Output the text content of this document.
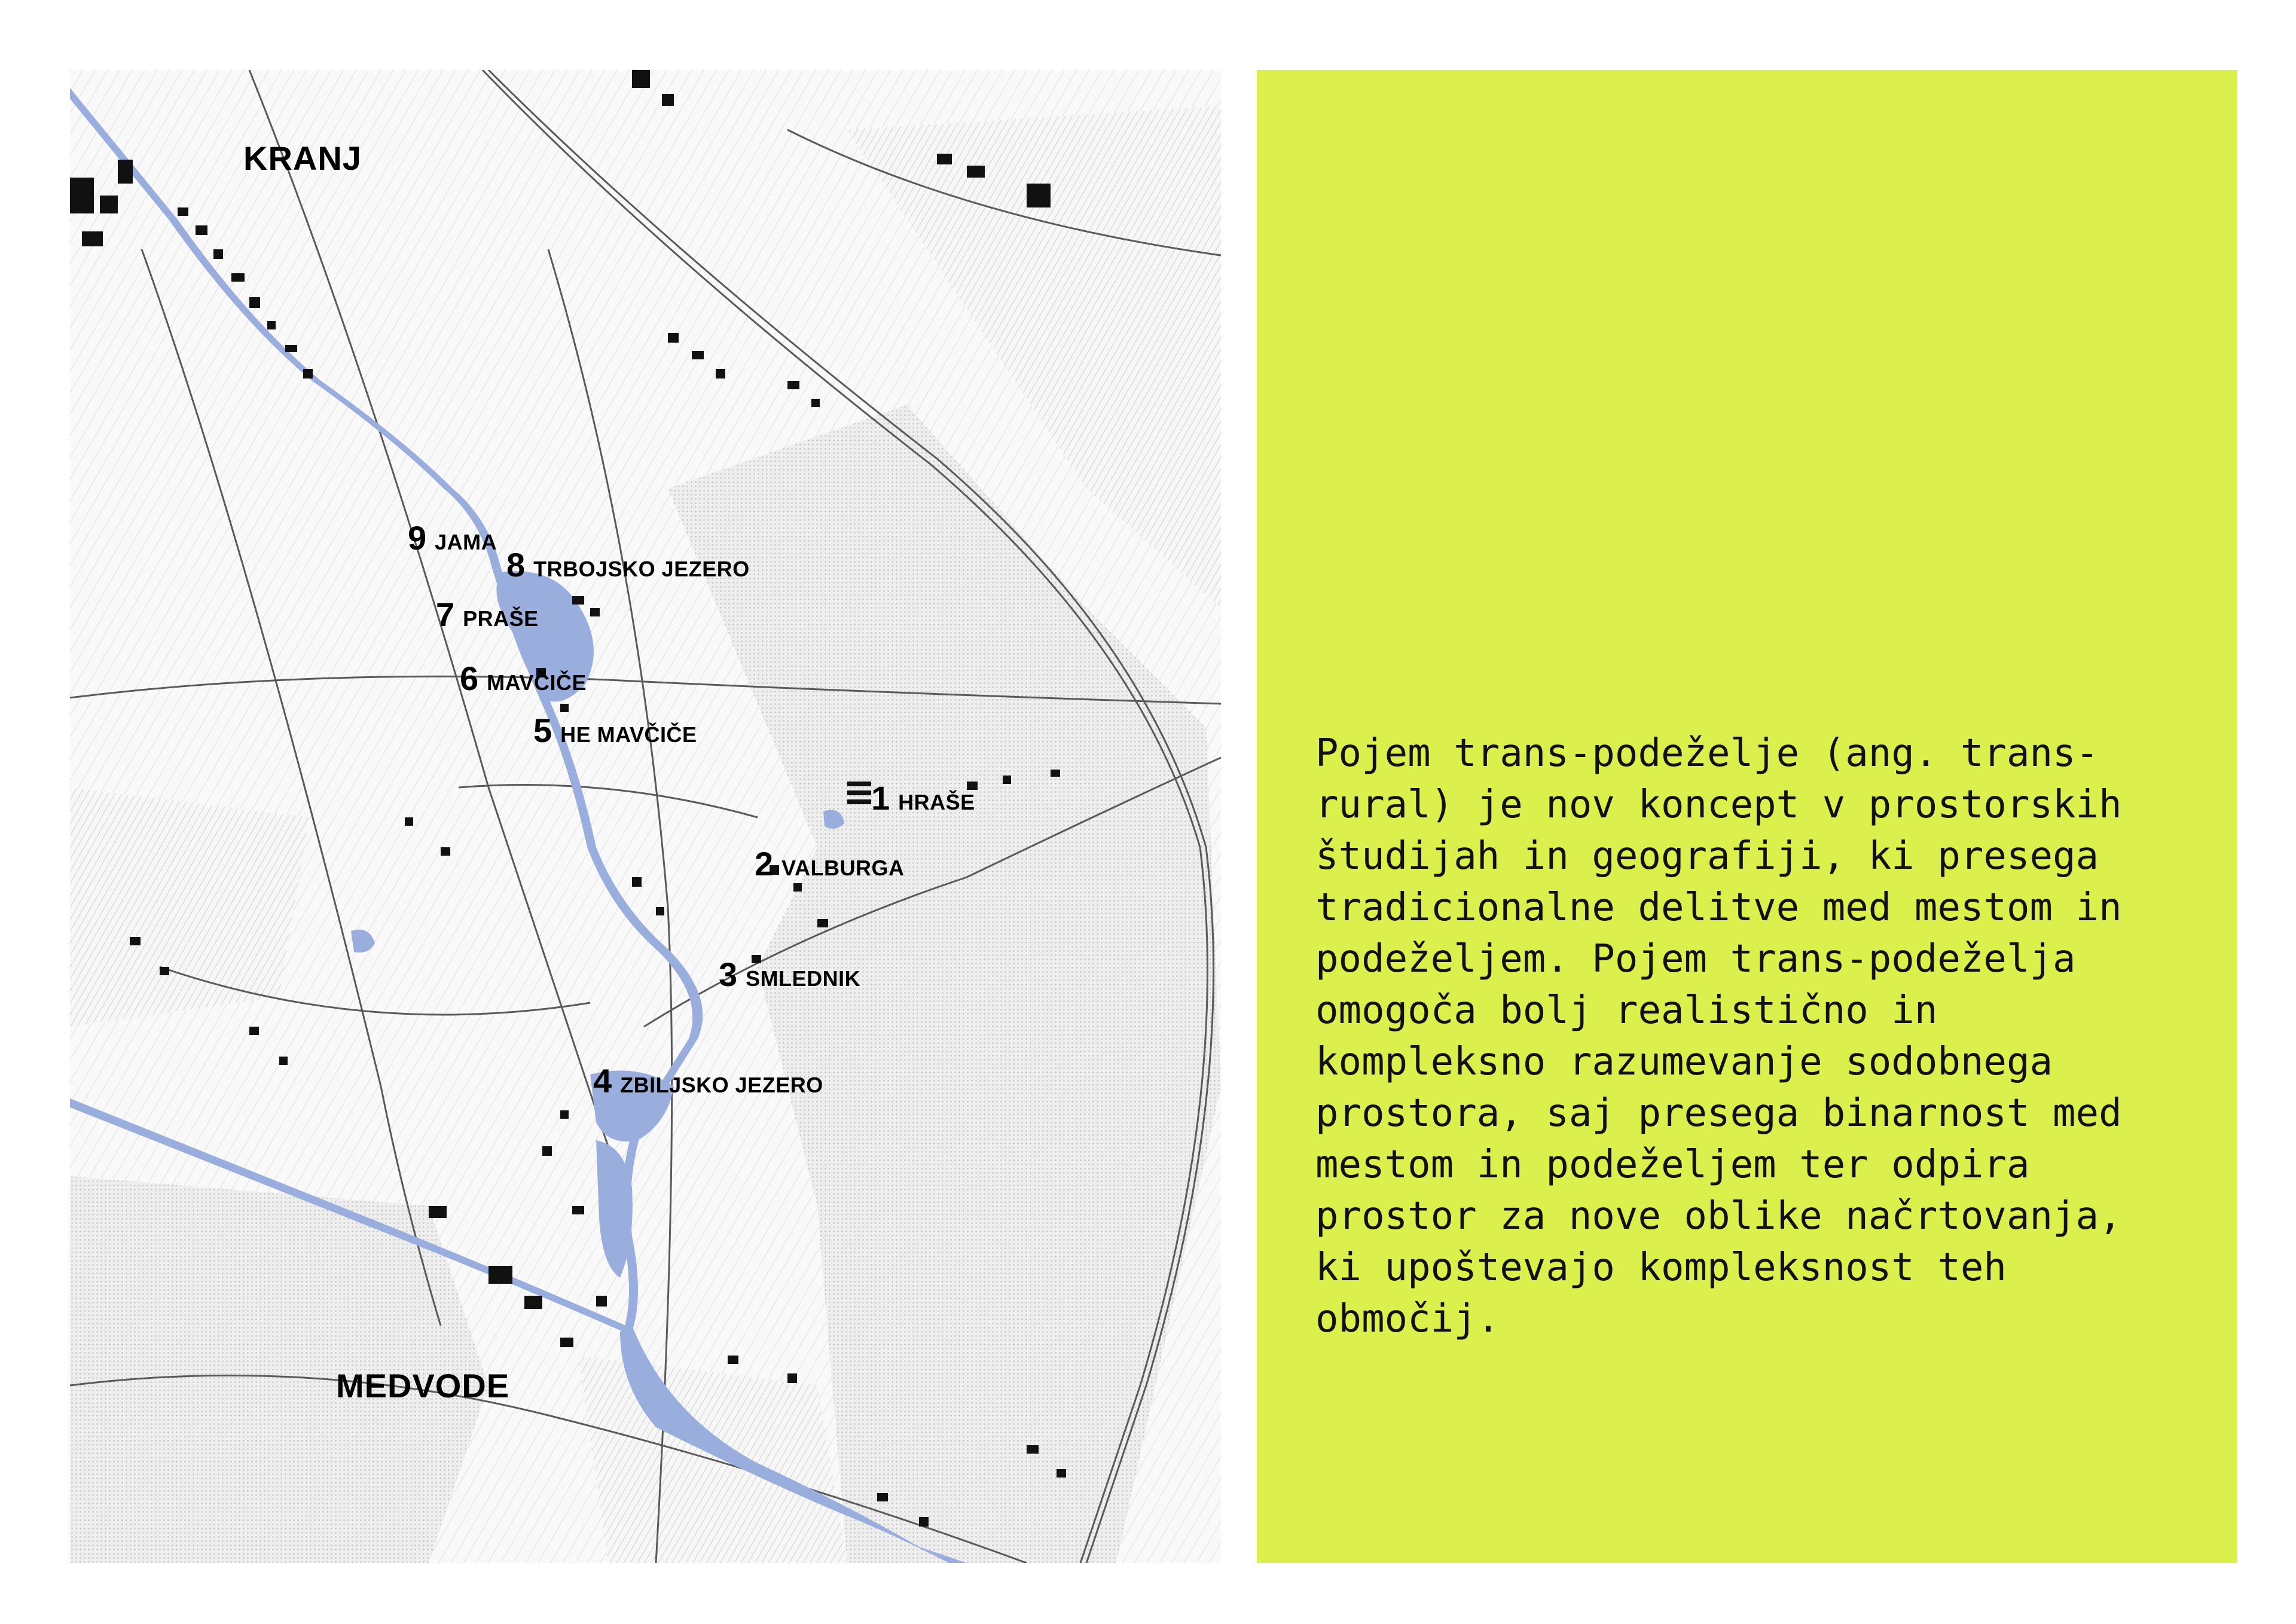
KRANJ
MEDVODE
1 HRAŠE
2 VALBURGA
3 SMLEDNIK
4 ZBILJSKO JEZERO
5 HE MAVČIČE
6 MAVČIČE
7 PRAŠE
8 TRBOJSKO JEZERO
9 JAMA
Pojem trans-podeželje (ang. trans-rural) je nov koncept v prostorskih študijah in geografiji, ki presega tradicionalne delitve med mestom in podeželjem. Pojem trans-podeželja omogoča bolj realistično in kompleksno razumevanje sodobnega prostora, saj presega binarnost med mestom in podeželjem ter odpira prostor za nove oblike načrtovanja, ki upoštevajo kompleksnost teh območij.
